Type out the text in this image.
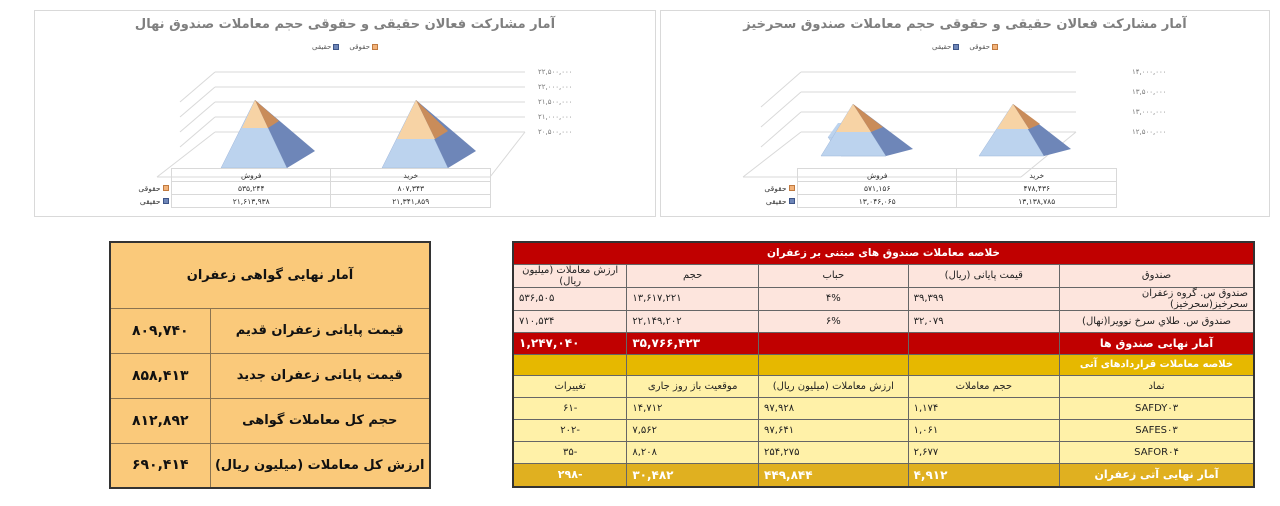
آمار مشارکت فعالان حقیقی و حقوقی حجم معاملات صندوق سحرخیز
حقوقی
حقیقی
۱۴,۰۰۰,۰۰۰
۱۳,۵۰۰,۰۰۰
۱۳,۰۰۰,۰۰۰
۱۲,۵۰۰,۰۰۰
خرید	فروش	
۴۷۸,۴۳۶	۵۷۱,۱۵۶	حقوقی
۱۳,۱۳۸,۷۸۵	۱۳,۰۴۶,۰۶۵	حقیقی
آمار مشارکت فعالان حقیقی و حقوقی حجم معاملات صندوق نهال
حقوقی
حقیقی
۲۲,۵۰۰,۰۰۰
۲۲,۰۰۰,۰۰۰
۲۱,۵۰۰,۰۰۰
۲۱,۰۰۰,۰۰۰
۲۰,۵۰۰,۰۰۰
خرید	فروش	
۸۰۷,۳۴۳	۵۳۵,۲۴۴	حقوقی
۲۱,۳۴۱,۸۵۹	۲۱,۶۱۳,۹۳۸	حقیقی
آمار نهایی گواهی زعفران	
قیمت پایانی زعفران قدیم	۸۰۹,۷۴۰
قیمت پایانی زعفران جدید	۸۵۸,۴۱۳
حجم کل معاملات گواهی	۸۱۲,۸۹۲
ارزش کل معاملات (میلیون ریال)	۶۹۰,۴۱۴
خلاصه معاملات صندوق های مبتنی بر زعفران				
صندوق	قیمت پایانی (ریال)	حباب	حجم	ارزش معاملات (میلیون ریال)
صندوق س. گروه زعفران سحرخیز(سحرخیز)	۳۹,۳۹۹	۴%	۱۳,۶۱۷,۲۲۱	۵۳۶,۵۰۵
صندوق س. طلاي سرخ نوويرا(نهال)	۳۲,۰۷۹	۶%	۲۲,۱۴۹,۲۰۲	۷۱۰,۵۳۴
آمار نهایی صندوق ها			۳۵,۷۶۶,۴۲۳	۱,۲۴۷,۰۴۰
خلاصه معاملات قراردادهای آتی				
نماد	حجم معاملات	ارزش معاملات (میلیون ریال)	موقعیت باز روز جاری	تغییرات
SAFDY۰۳	۱,۱۷۴	۹۷,۹۲۸	۱۴,۷۱۲	-۶۱
SAFES۰۳	۱,۰۶۱	۹۷,۶۴۱	۷,۵۶۲	-۲۰۲
SAFOR۰۴	۲,۶۷۷	۲۵۴,۲۷۵	۸,۲۰۸	-۳۵
آمار نهایی آتی زعفران	۴,۹۱۲	۴۴۹,۸۴۴	۳۰,۴۸۲	-۲۹۸
